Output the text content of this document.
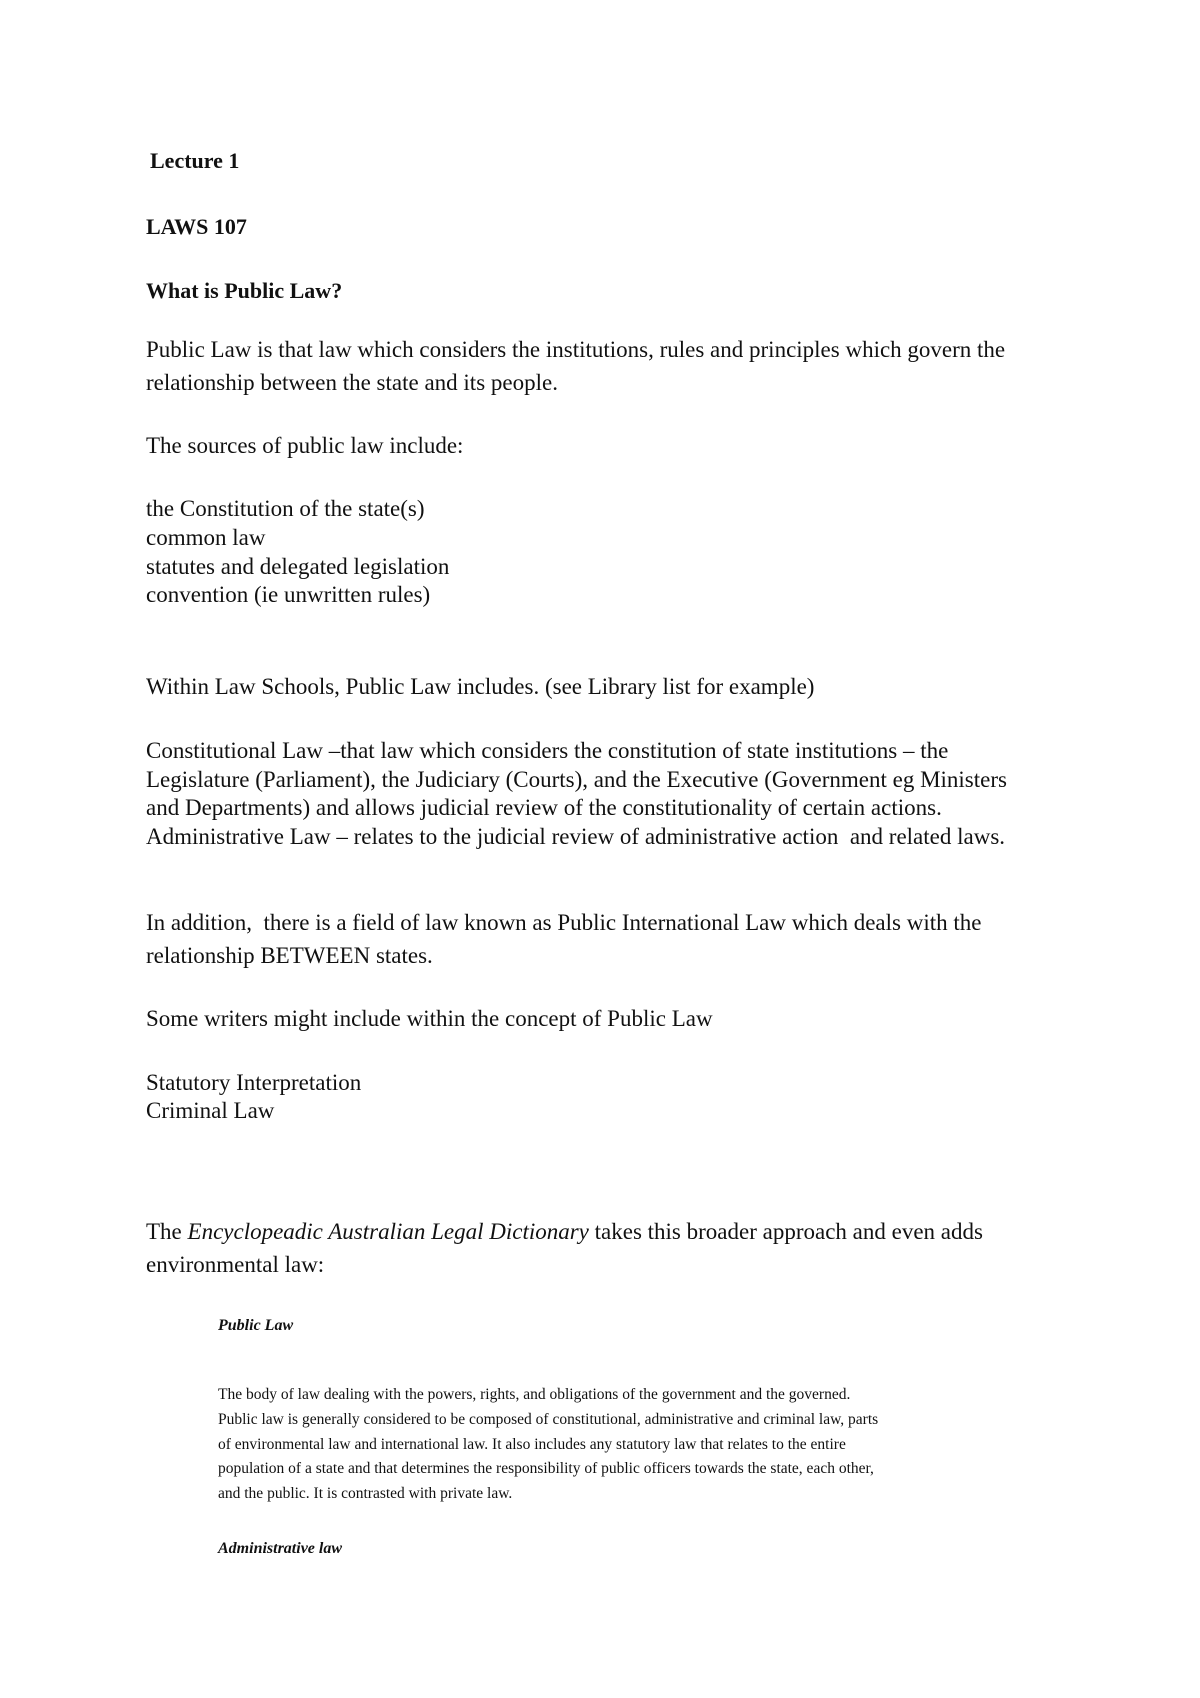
Lecture 1

LAWS 107

What is Public Law?

Public Law is that law which considers the institutions, rules and principles which govern the

relationship between the state and its people.

The sources of public law include:

the Constitution of the state(s)

common law

statutes and delegated legislation

convention (ie unwritten rules)

Within Law Schools, Public Law includes. (see Library list for example)

Constitutional Law –that law which considers the constitution of state institutions – the

Legislature (Parliament), the Judiciary (Courts), and the Executive (Government eg Ministers

and Departments) and allows judicial review of the constitutionality of certain actions.

Administrative Law – relates to the judicial review of administrative action  and related laws.

In addition,  there is a field of law known as Public International Law which deals with the

relationship BETWEEN states.

Some writers might include within the concept of Public Law

Statutory Interpretation

Criminal Law

The Encyclopeadic Australian Legal Dictionary takes this broader approach and even adds

environmental law:

Public Law

The body of law dealing with the powers, rights, and obligations of the government and the governed.

Public law is generally considered to be composed of constitutional, administrative and criminal law, parts

of environmental law and international law. It also includes any statutory law that relates to the entire

population of a state and that determines the responsibility of public officers towards the state, each other,

and the public. It is contrasted with private law.

Administrative law
